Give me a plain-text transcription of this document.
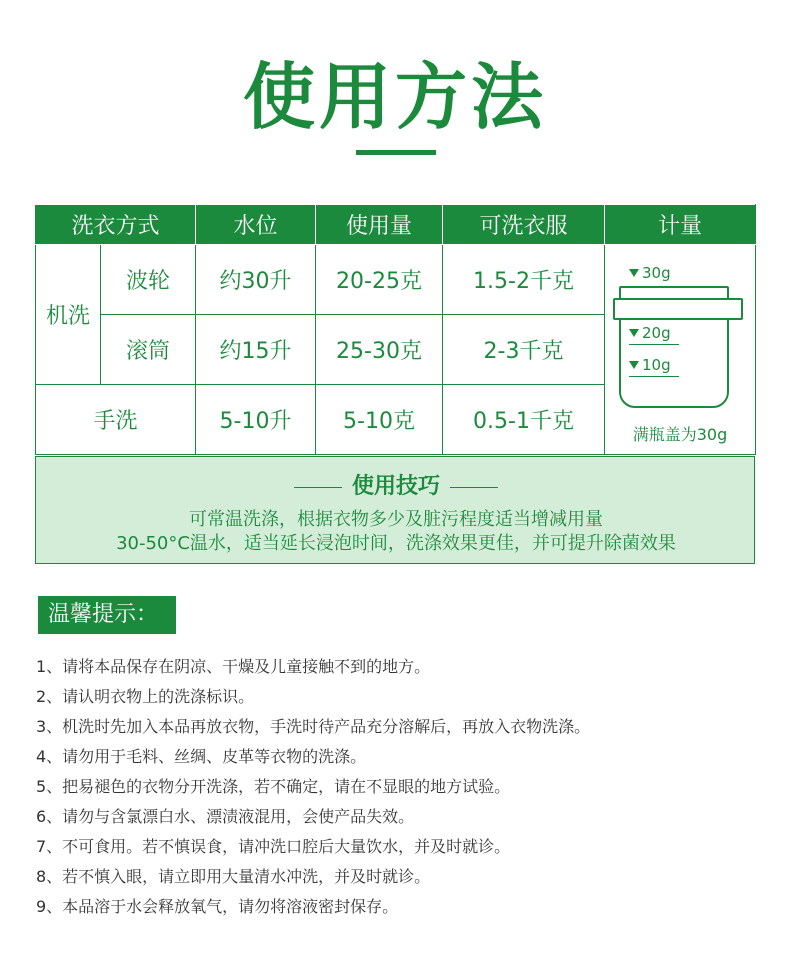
使用方法
洗衣方式		水位	使用量	可洗衣服	计量
机洗	波轮	约30升	20-25克	1.5-2千克	30g
20g
10g
满瓶盖为30g

	滚筒	约15升	25-30克	2-3千克	
手洗		5-10升	5-10克	0.5-1千克	
使用技巧
可常温洗涤，根据衣物多少及脏污程度适当增减用量
30-50°C温水，适当延长浸泡时间，洗涤效果更佳，并可提升除菌效果
温馨提示：
1、请将本品保存在阴凉、干燥及儿童接触不到的地方。
2、请认明衣物上的洗涤标识。
3、机洗时先加入本品再放衣物，手洗时待产品充分溶解后，再放入衣物洗涤。
4、请勿用于毛料、丝绸、皮革等衣物的洗涤。
5、把易褪色的衣物分开洗涤，若不确定，请在不显眼的地方试验。
6、请勿与含氯漂白水、漂渍液混用，会使产品失效。
7、不可食用。若不慎误食，请冲洗口腔后大量饮水，并及时就诊。
8、若不慎入眼，请立即用大量清水冲洗，并及时就诊。
9、本品溶于水会释放氧气，请勿将溶液密封保存。
